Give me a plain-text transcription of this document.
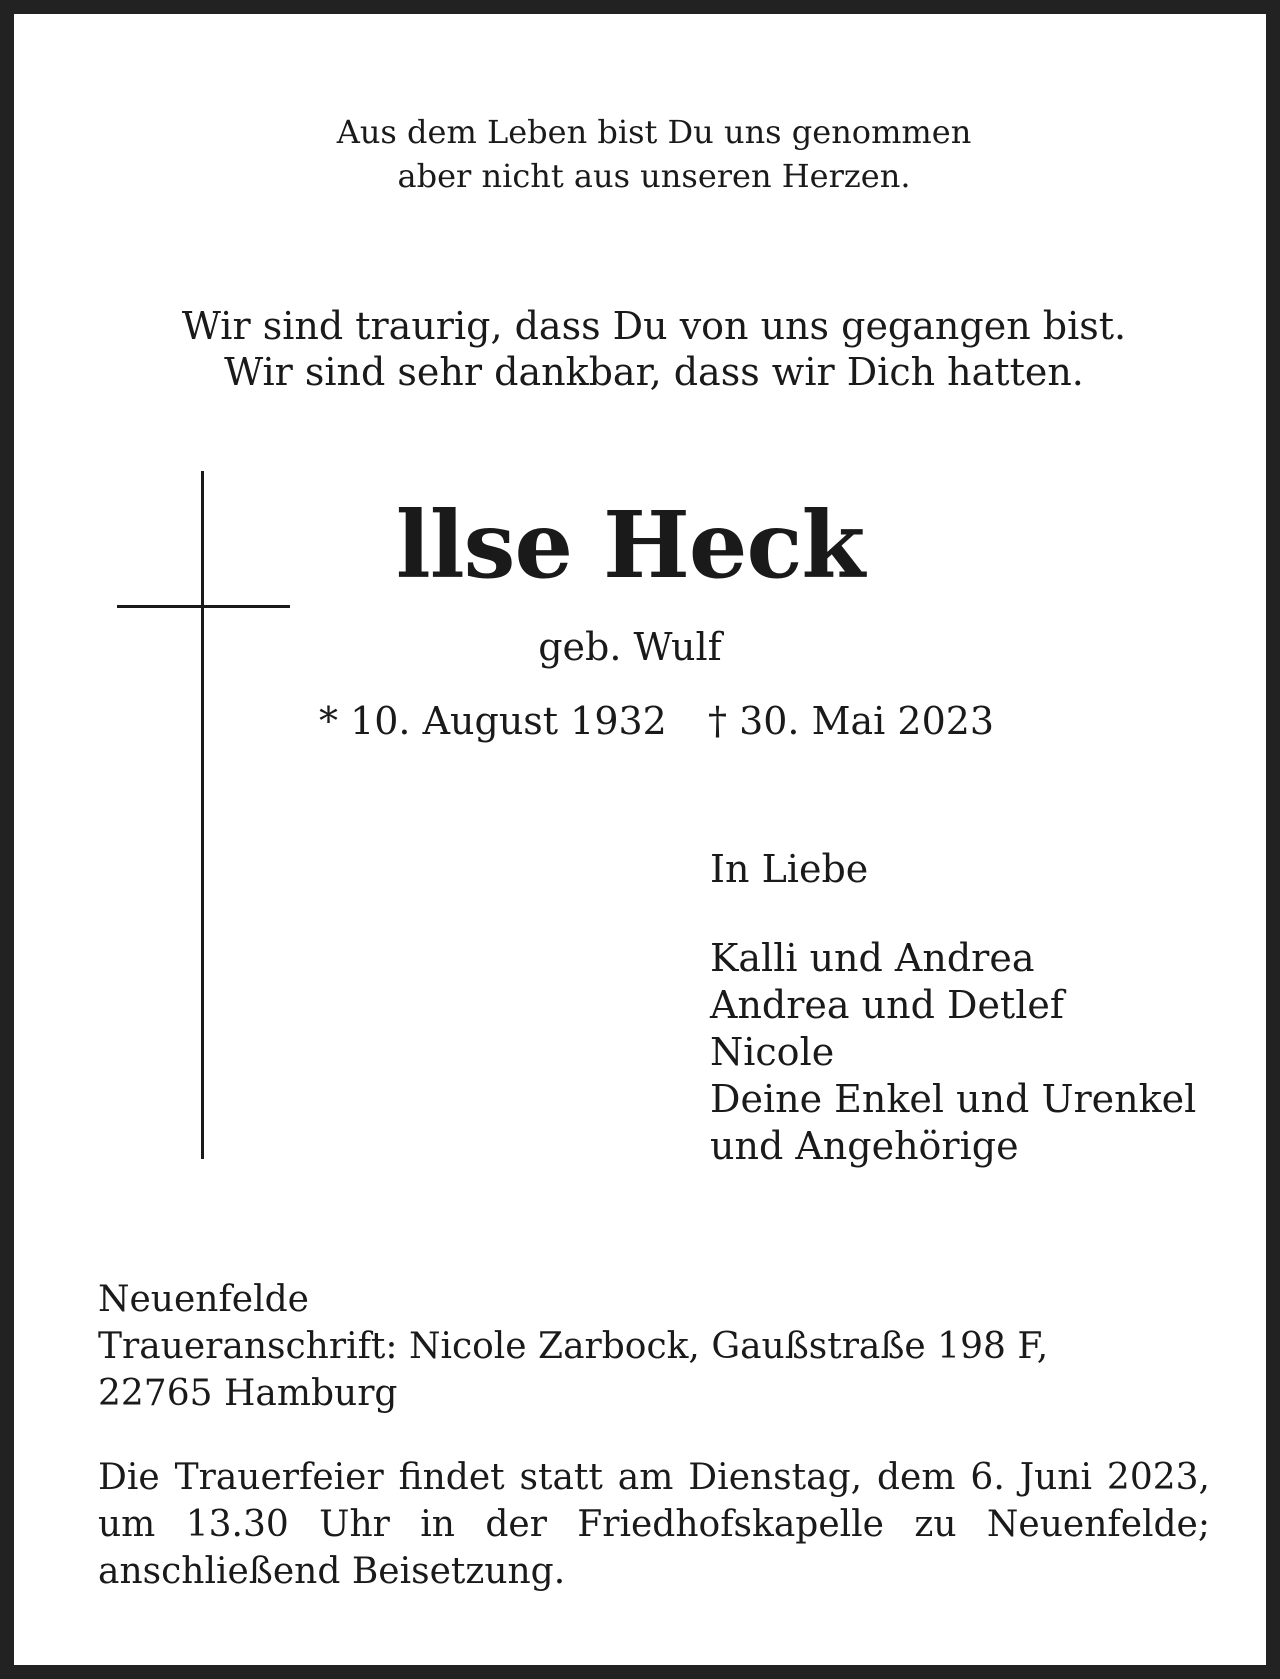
Aus dem Leben bist Du uns genommen
aber nicht aus unseren Herzen.
Wir sind traurig, dass Du von uns gegangen bist.
Wir sind sehr dankbar, dass wir Dich hatten.
llse Heck
geb. Wulf
* 10. August 1932 † 30. Mai 2023
In Liebe
Kalli und Andrea
Andrea und Detlef
Nicole
Deine Enkel und Urenkel
und Angehörige
Neuenfelde
Traueranschrift: Nicole Zarbock, Gaußstraße 198 F,
22765 Hamburg
Die Trauerfeier findet statt am Dienstag, dem 6. Juni 2023, um 13.30 Uhr in der Friedhofskapelle zu Neuenfelde; anschließend Beisetzung.
